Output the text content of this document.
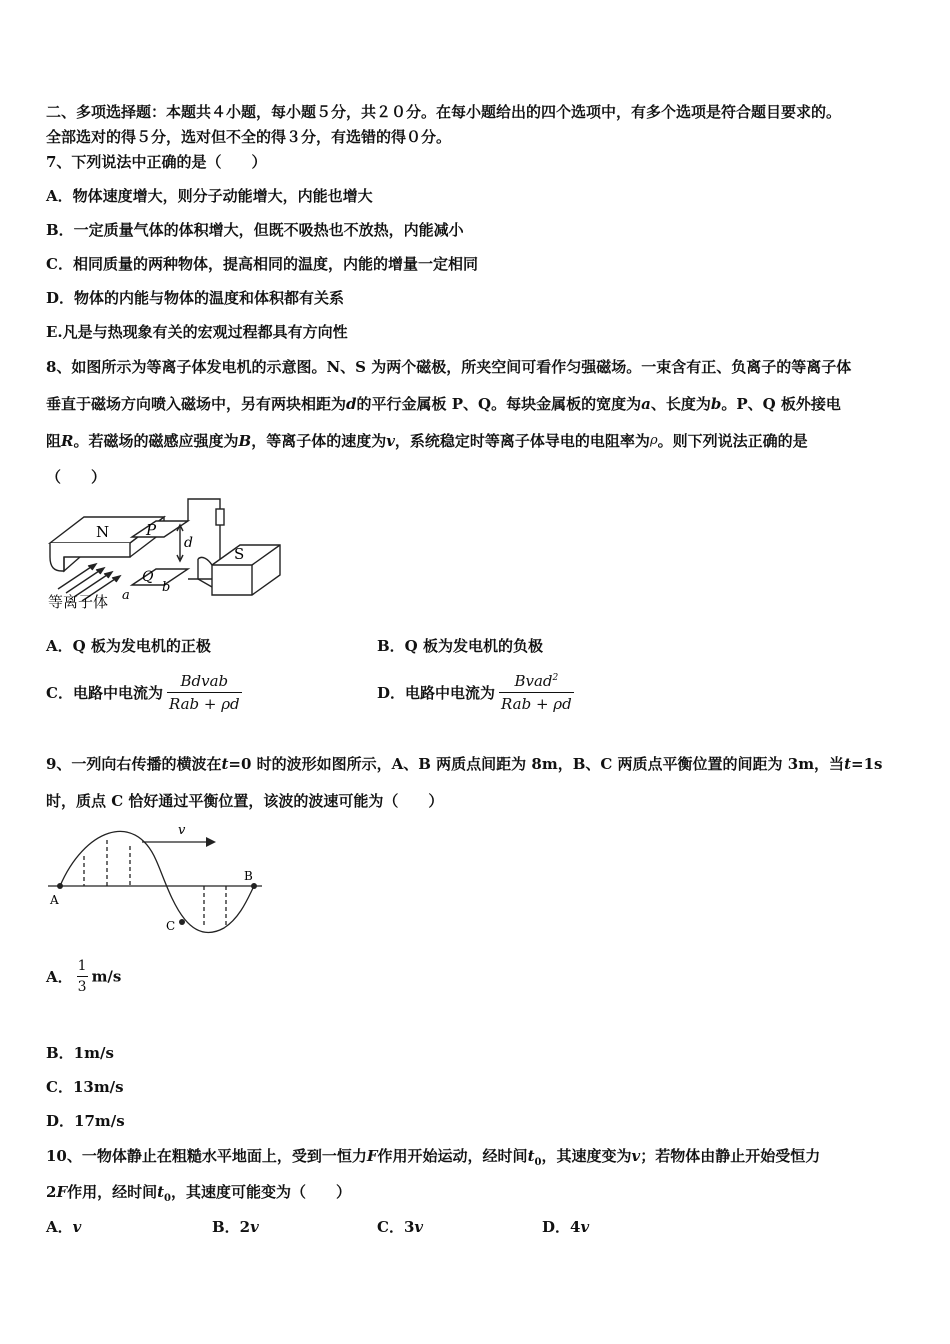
二、多项选择题：本题共４小题，每小题５分，共２０分。在每小题给出的四个选项中，有多个选项是符合题目要求的。
全部选对的得５分，选对但不全的得３分，有选错的得０分。
7、下列说法中正确的是（　　）
A．物体速度增大，则分子动能增大，内能也增大
B．一定质量气体的体积增大，但既不吸热也不放热，内能减小
C．相同质量的两种物体，提高相同的温度，内能的增量一定相同
D．物体的内能与物体的温度和体积都有关系
E.凡是与热现象有关的宏观过程都具有方向性
8、如图所示为等离子体发电机的示意图。N、S 为两个磁极，所夹空间可看作匀强磁场。一束含有正、负离子的等离子体
垂直于磁场方向喷入磁场中，另有两块相距为d的平行金属板 P、Q。每块金属板的宽度为a、长度为b。P、Q 板外接电
阻R。若磁场的磁感应强度为B，等离子体的速度为v，系统稳定时等离子体导电的电阻率为ρ。则下列说法正确的是
（　　）
N P
d
S
Q
a
b
等离子体
A．Q 板为发电机的正极	B．Q 板为发电机的负极
C．电路中电流为 $\frac{\text{Bdvab}}{\text{Rab + ρd}}$	D．电路中电流为 $\frac{Bvad^2}{\text{Rab + ρd}}$
9、一列向右传播的横波在t=0 时的波形如图所示，A、B 两质点间距为 8m，B、C 两质点平衡位置的间距为 3m，当t=1s
时，质点 C 恰好通过平衡位置，该波的波速可能为（　　）
v
A
B
C
A． $\frac{1}{3} m/s$
B．1m/s
C．13m/s
D．17m/s
10、一物体静止在粗糙水平地面上，受到一恒力F作用开始运动，经时间$t_0$，其速度变为v；若物体由静止开始受恒力
2F作用，经时间$t_0$，其速度可能变为（　　）
A．v	B．2v	C．3v	D．4v
